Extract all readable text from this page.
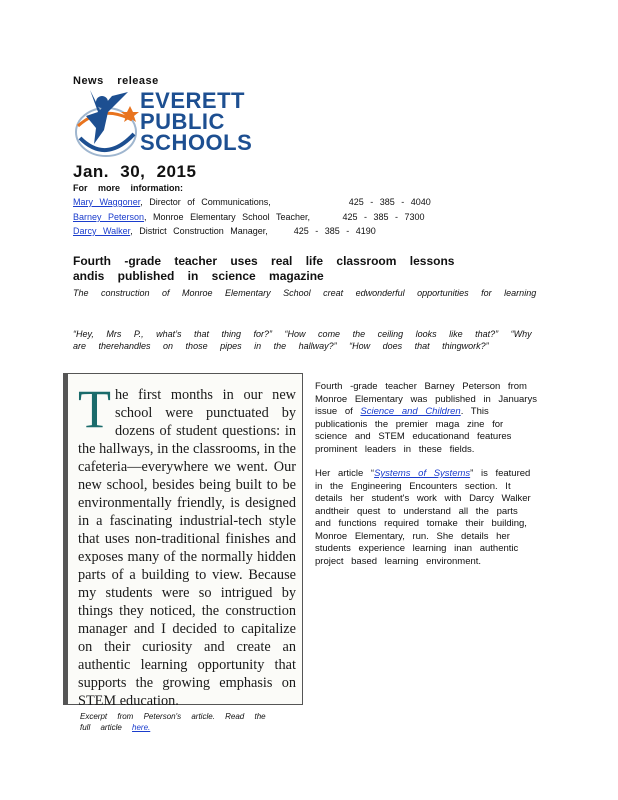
News release
EVERETT
PUBLIC
SCHOOLS
Jan. 30, 2015
For more information:
Mary Waggoner, Director of Communications,	425 - 385 - 4040
Barney Peterson, Monroe Elementary School Teacher,	425 - 385 - 7300
Darcy Walker, District Construction Manager,	425 - 385 - 4190
Fourth -grade teacher uses real life classroom lessons andis published in science magazine
The construction of Monroe Elementary School creat edwonderful opportunities for learning
“Hey, Mrs P., what’s that thing for?” “How come the ceiling looks like that?” “Why are therehandles on those pipes in the hallway?” “How does that thingwork?”
The first months in our new school were punctuated by dozens of student questions: in the hallways, in the classrooms, in the cafeteria—everywhere we went. Our new school, besides being built to be environmentally friendly, is designed in a fascinating industrial-tech style that uses non-traditional finishes and exposes many of the normally hidden parts of a building to view. Because my students were so intrigued by things they noticed, the construction manager and I decided to capitalize on their curiosity and create an authentic learning opportunity that supports the growing emphasis on STEM education.
Excerpt from Peterson's article. Read the full article here.

Fourth -grade teacher Barney Peterson from Monroe Elementary was published in Januarys issue of Science and Children. This publicationis the premier maga zine for science and STEM educationand features prominent leaders in these fields.

Her article “Systems of Systems” is featured in the Engineering Encounters section. It details her student's work with Darcy Walker andtheir quest to understand all the parts and functions required tomake their building, Monroe Elementary, run. She details her students experience learning inan authentic project based learning environment.
